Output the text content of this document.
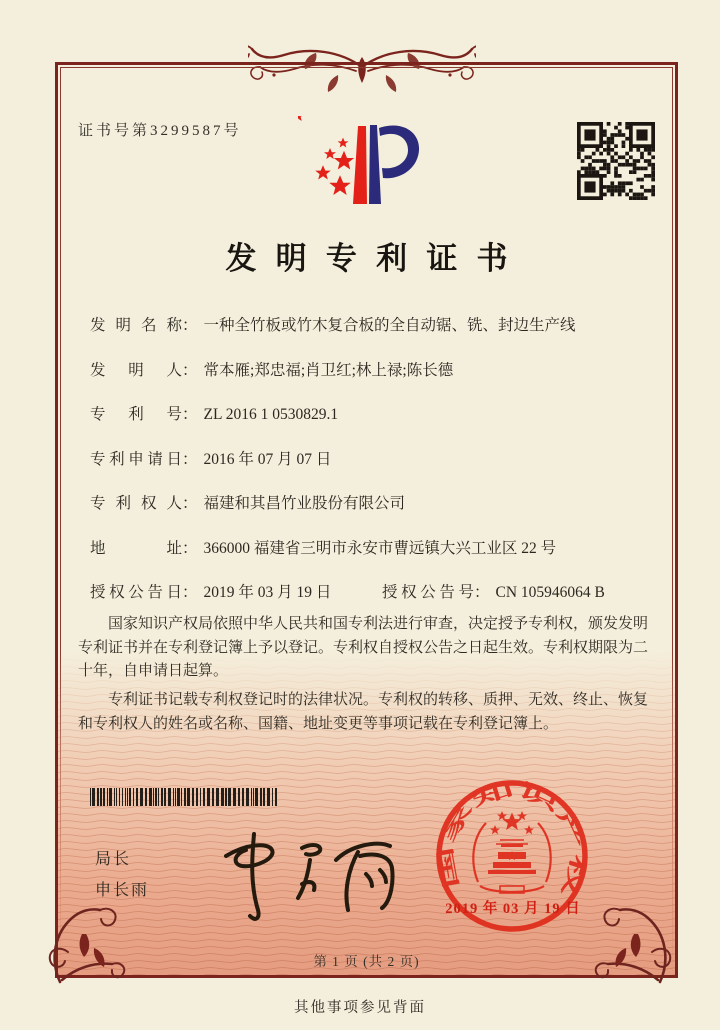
证书号第3299587号
发明专利证书
发明名称 ： 一种全竹板或竹木复合板的全自动锯、铣、封边生产线
发明人 ： 常本雁;郑忠福;肖卫红;林上禄;陈长德
专利号 ： ZL 2016 1 0530829.1
专利申请日 ： 2016 年 07 月 07 日
专利权人 ： 福建和其昌竹业股份有限公司
地址 ： 366000 福建省三明市永安市曹远镇大兴工业区 22 号
授权公告日 ： 2019 年 03 月 19 日	授权公告号 ： CN 105946064 B

国家知识产权局依照中华人民共和国专利法进行审查，决定授予专利权，颁发发明专利证书并在专利登记簿上予以登记。专利权自授权公告之日起生效。专利权期限为二十年，自申请日起算。

专利证书记载专利权登记时的法律状况。专利权的转移、质押、无效、终止、恢复和专利权人的姓名或名称、国籍、地址变更等事项记载在专利登记簿上。

局长
申长雨
国家知识产权局
2019 年 03 月 19 日
第 1 页 (共 2 页)
其他事项参见背面
